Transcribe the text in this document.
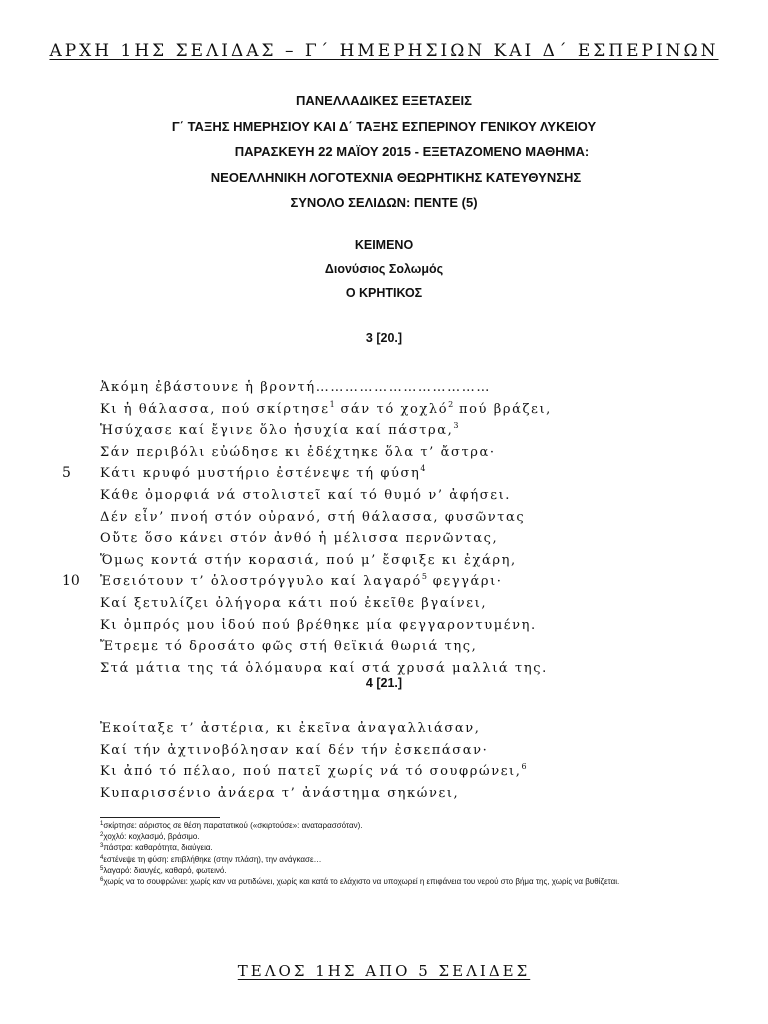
ΑΡΧΗ 1ΗΣ ΣΕΛΙΔΑΣ – Γ΄ ΗΜΕΡΗΣΙΩΝ ΚΑΙ Δ΄ ΕΣΠΕΡΙΝΩΝ
ΠΑΝΕΛΛΑΔΙΚΕΣ ΕΞΕΤΑΣΕΙΣ
Γ΄ ΤΑΞΗΣ ΗΜΕΡΗΣΙΟΥ ΚΑΙ Δ΄ ΤΑΞΗΣ ΕΣΠΕΡΙΝΟΥ ΓΕΝΙΚΟΥ ΛΥΚΕΙΟΥ
ΠΑΡΑΣΚΕΥΗ 22 ΜΑΪΟΥ 2015 - ΕΞΕΤΑΖΟΜΕΝΟ ΜΑΘΗΜΑ:
ΝΕΟΕΛΛΗΝΙΚΗ ΛΟΓΟΤΕΧΝΙΑ ΘΕΩΡΗΤΙΚΗΣ ΚΑΤΕΥΘΥΝΣΗΣ
ΣΥΝΟΛΟ ΣΕΛΙΔΩΝ: ΠΕΝΤΕ (5)
ΚΕΙΜΕΝΟ
Διονύσιος Σολωμός
Ο ΚΡΗΤΙΚΟΣ
3 [20.]
Ἀκόμη ἐβάστουνε ἡ βροντή………………………………
Κι ἡ θάλασσα, πού σκίρτησε$^1$ σάν τό χοχλό$^2$ πού βράζει,
Ἡσύχασε καί ἔγινε ὅλο ἡσυχία καί πάστρα,$^3$
Σάν περιβόλι εὐώδησε κι ἐδέχτηκε ὅλα τ’ ἄστρα·
5 Κάτι κρυφό μυστήριο ἐστένεψε τή φύση$^4$
Κάθε ὀμορφιά νά στολιστεῖ καί τό θυμό ν’ ἀφήσει.
Δέν εἶν’ πνοή στόν οὐρανό, στή θάλασσα, φυσῶντας
Οὔτε ὅσο κάνει στόν ἀνθό ἡ μέλισσα περνῶντας,
Ὅμως κοντά στήν κορασιά, πού μ’ ἔσφιξε κι ἐχάρη,
10 Ἐσειότουν τ’ ὁλοστρόγγυλο καί λαγαρό$^5$ φεγγάρι·
Καί ξετυλίζει ὀλήγορα κάτι πού ἐκεῖθε βγαίνει,
Κι ὀμπρός μου ἰδού πού βρέθηκε μία φεγγαροντυμένη.
Ἔτρεμε τό δροσάτο φῶς στή θεϊκιά θωριά της,
Στά μάτια της τά ὁλόμαυρα καί στά χρυσά μαλλιά της.
4 [21.]
Ἐκοίταξε τ’ ἀστέρια, κι ἐκεῖνα ἀναγαλλιάσαν,
Καί τήν ἀχτινοβόλησαν καί δέν τήν ἐσκεπάσαν·
Κι ἀπό τό πέλαο, πού πατεῖ χωρίς νά τό σουφρώνει,$^6$
Κυπαρισσένιο ἀνάερα τ’ ἀνάστημα σηκώνει,
$^1$σκίρτησε: αόριστος σε θέση παρατατικού («σκιρτούσε»: αναταρασσόταν).
$^2$χοχλό: κοχλασμό, βράσιμο.
$^3$πάστρα: καθαρότητα, διαύγεια.
$^4$εστένεψε τη φύση: επιβλήθηκε (στην πλάση), την ανάγκασε…
$^5$λαγαρό: διαυγές, καθαρό, φωτεινό.
$^6$χωρίς να το σουφρώνει: χωρίς καν να ρυτιδώνει, χωρίς και κατά το ελάχιστο να υποχωρεί η επιφάνεια του νερού στο βήμα της, χωρίς να βυθίζεται.
ΤΕΛΟΣ 1ΗΣ ΑΠΟ 5 ΣΕΛΙΔΕΣ
